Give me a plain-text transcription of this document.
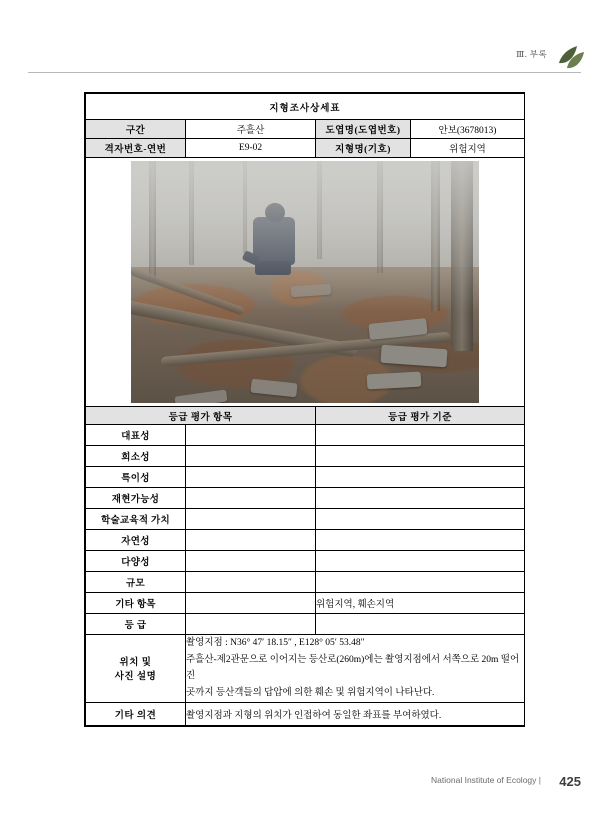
Ⅲ. 부록
지형조사상세표			
구간	주흘산	도엽명(도엽번호)	안보(3678013)
격자번호-연번	E9-02	지형명(기호)	위험지역

등급 평가 항목		등급 평가 기준	
대표성			
희소성			
특이성			
재현가능성			
학술교육적 가치			
자연성			
다양성			
규모			
기타 항목		위험지역, 훼손지역	
등 급			
위치 및
사진 설명	촬영지점 : N36° 47′ 18.15″ , E128° 05′ 53.48″
주흘산-제2관문으로 이어지는 등산로(260m)에는 촬영지점에서 서쪽으로 20m 떨어진
곳까지 등산객들의 답압에 의한 훼손 및 위험지역이 나타난다.		

기타 의견	촬영지점과 지형의 위치가 인접하여 동일한 좌표를 부여하였다.		
National Institute of Ecology | 425
